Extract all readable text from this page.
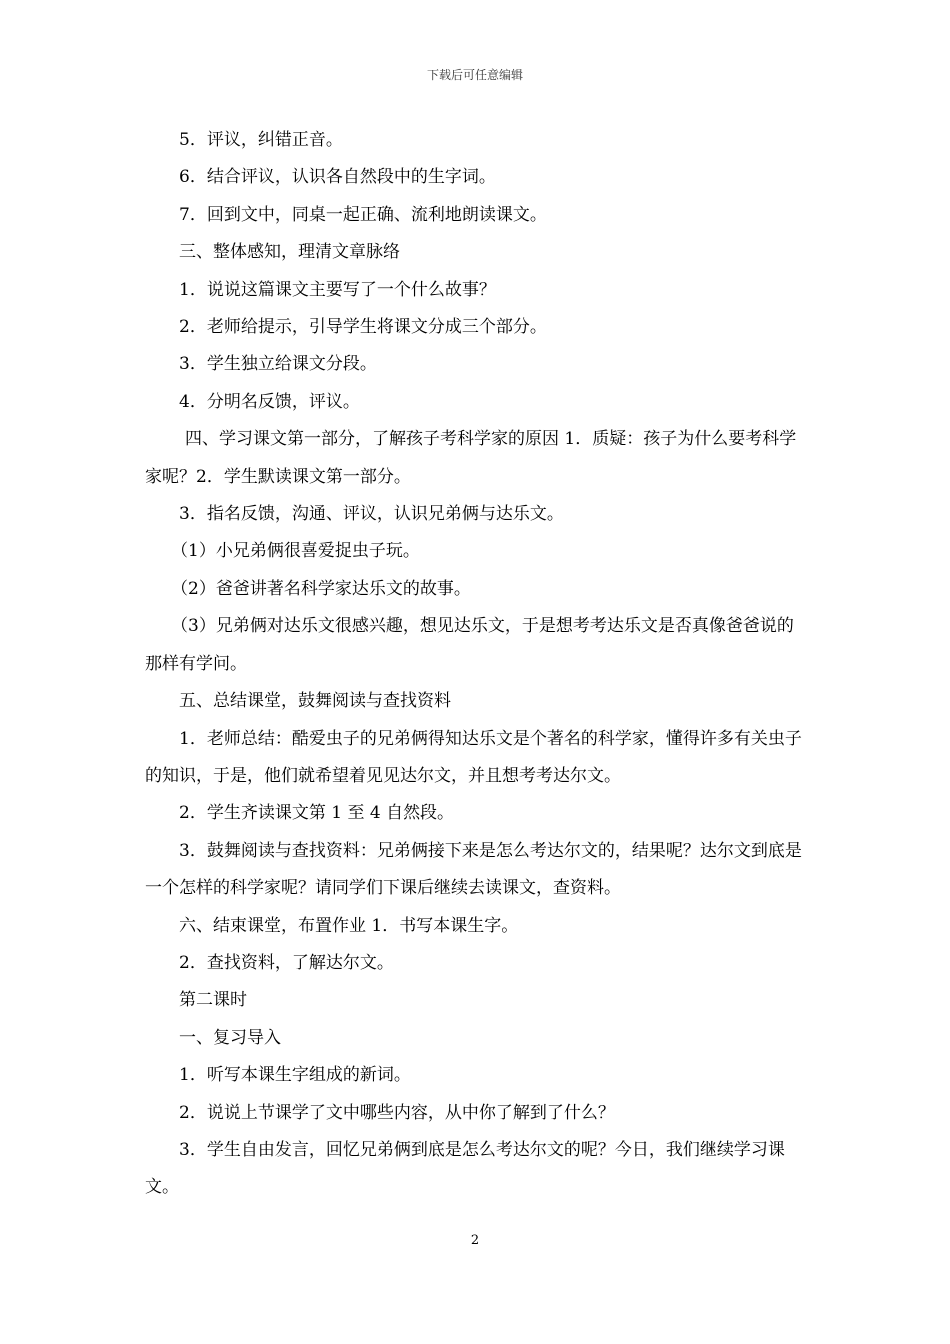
下载后可任意编辑

5．评议，纠错正音。

6．结合评议，认识各自然段中的生字词。

7．回到文中，同桌一起正确、流利地朗读课文。

三、整体感知，理清文章脉络

1．说说这篇课文主要写了一个什么故事？

2．老师给提示，引导学生将课文分成三个部分。

3．学生独立给课文分段。

4．分明名反馈，评议。

四、学习课文第一部分，了解孩子考科学家的原因 1．质疑：孩子为什么要考科学家呢？2．学生默读课文第一部分。

3．指名反馈，沟通、评议，认识兄弟俩与达乐文。

（1）小兄弟俩很喜爱捉虫子玩。

（2）爸爸讲著名科学家达乐文的故事。

（3）兄弟俩对达乐文很感兴趣，想见达乐文，于是想考考达乐文是否真像爸爸说的那样有学问。

五、总结课堂，鼓舞阅读与查找资料

1．老师总结：酷爱虫子的兄弟俩得知达乐文是个著名的科学家，懂得许多有关虫子的知识，于是，他们就希望着见见达尔文，并且想考考达尔文。

2．学生齐读课文第 1 至 4 自然段。

3．鼓舞阅读与查找资料：兄弟俩接下来是怎么考达尔文的，结果呢？达尔文到底是一个怎样的科学家呢？请同学们下课后继续去读课文，查资料。

六、结束课堂，布置作业 1．书写本课生字。

2．查找资料，了解达尔文。

第二课时

一、复习导入

1．听写本课生字组成的新词。

2．说说上节课学了文中哪些内容，从中你了解到了什么？

3．学生自由发言，回忆兄弟俩到底是怎么考达尔文的呢？今日，我们继续学习课文。

2
